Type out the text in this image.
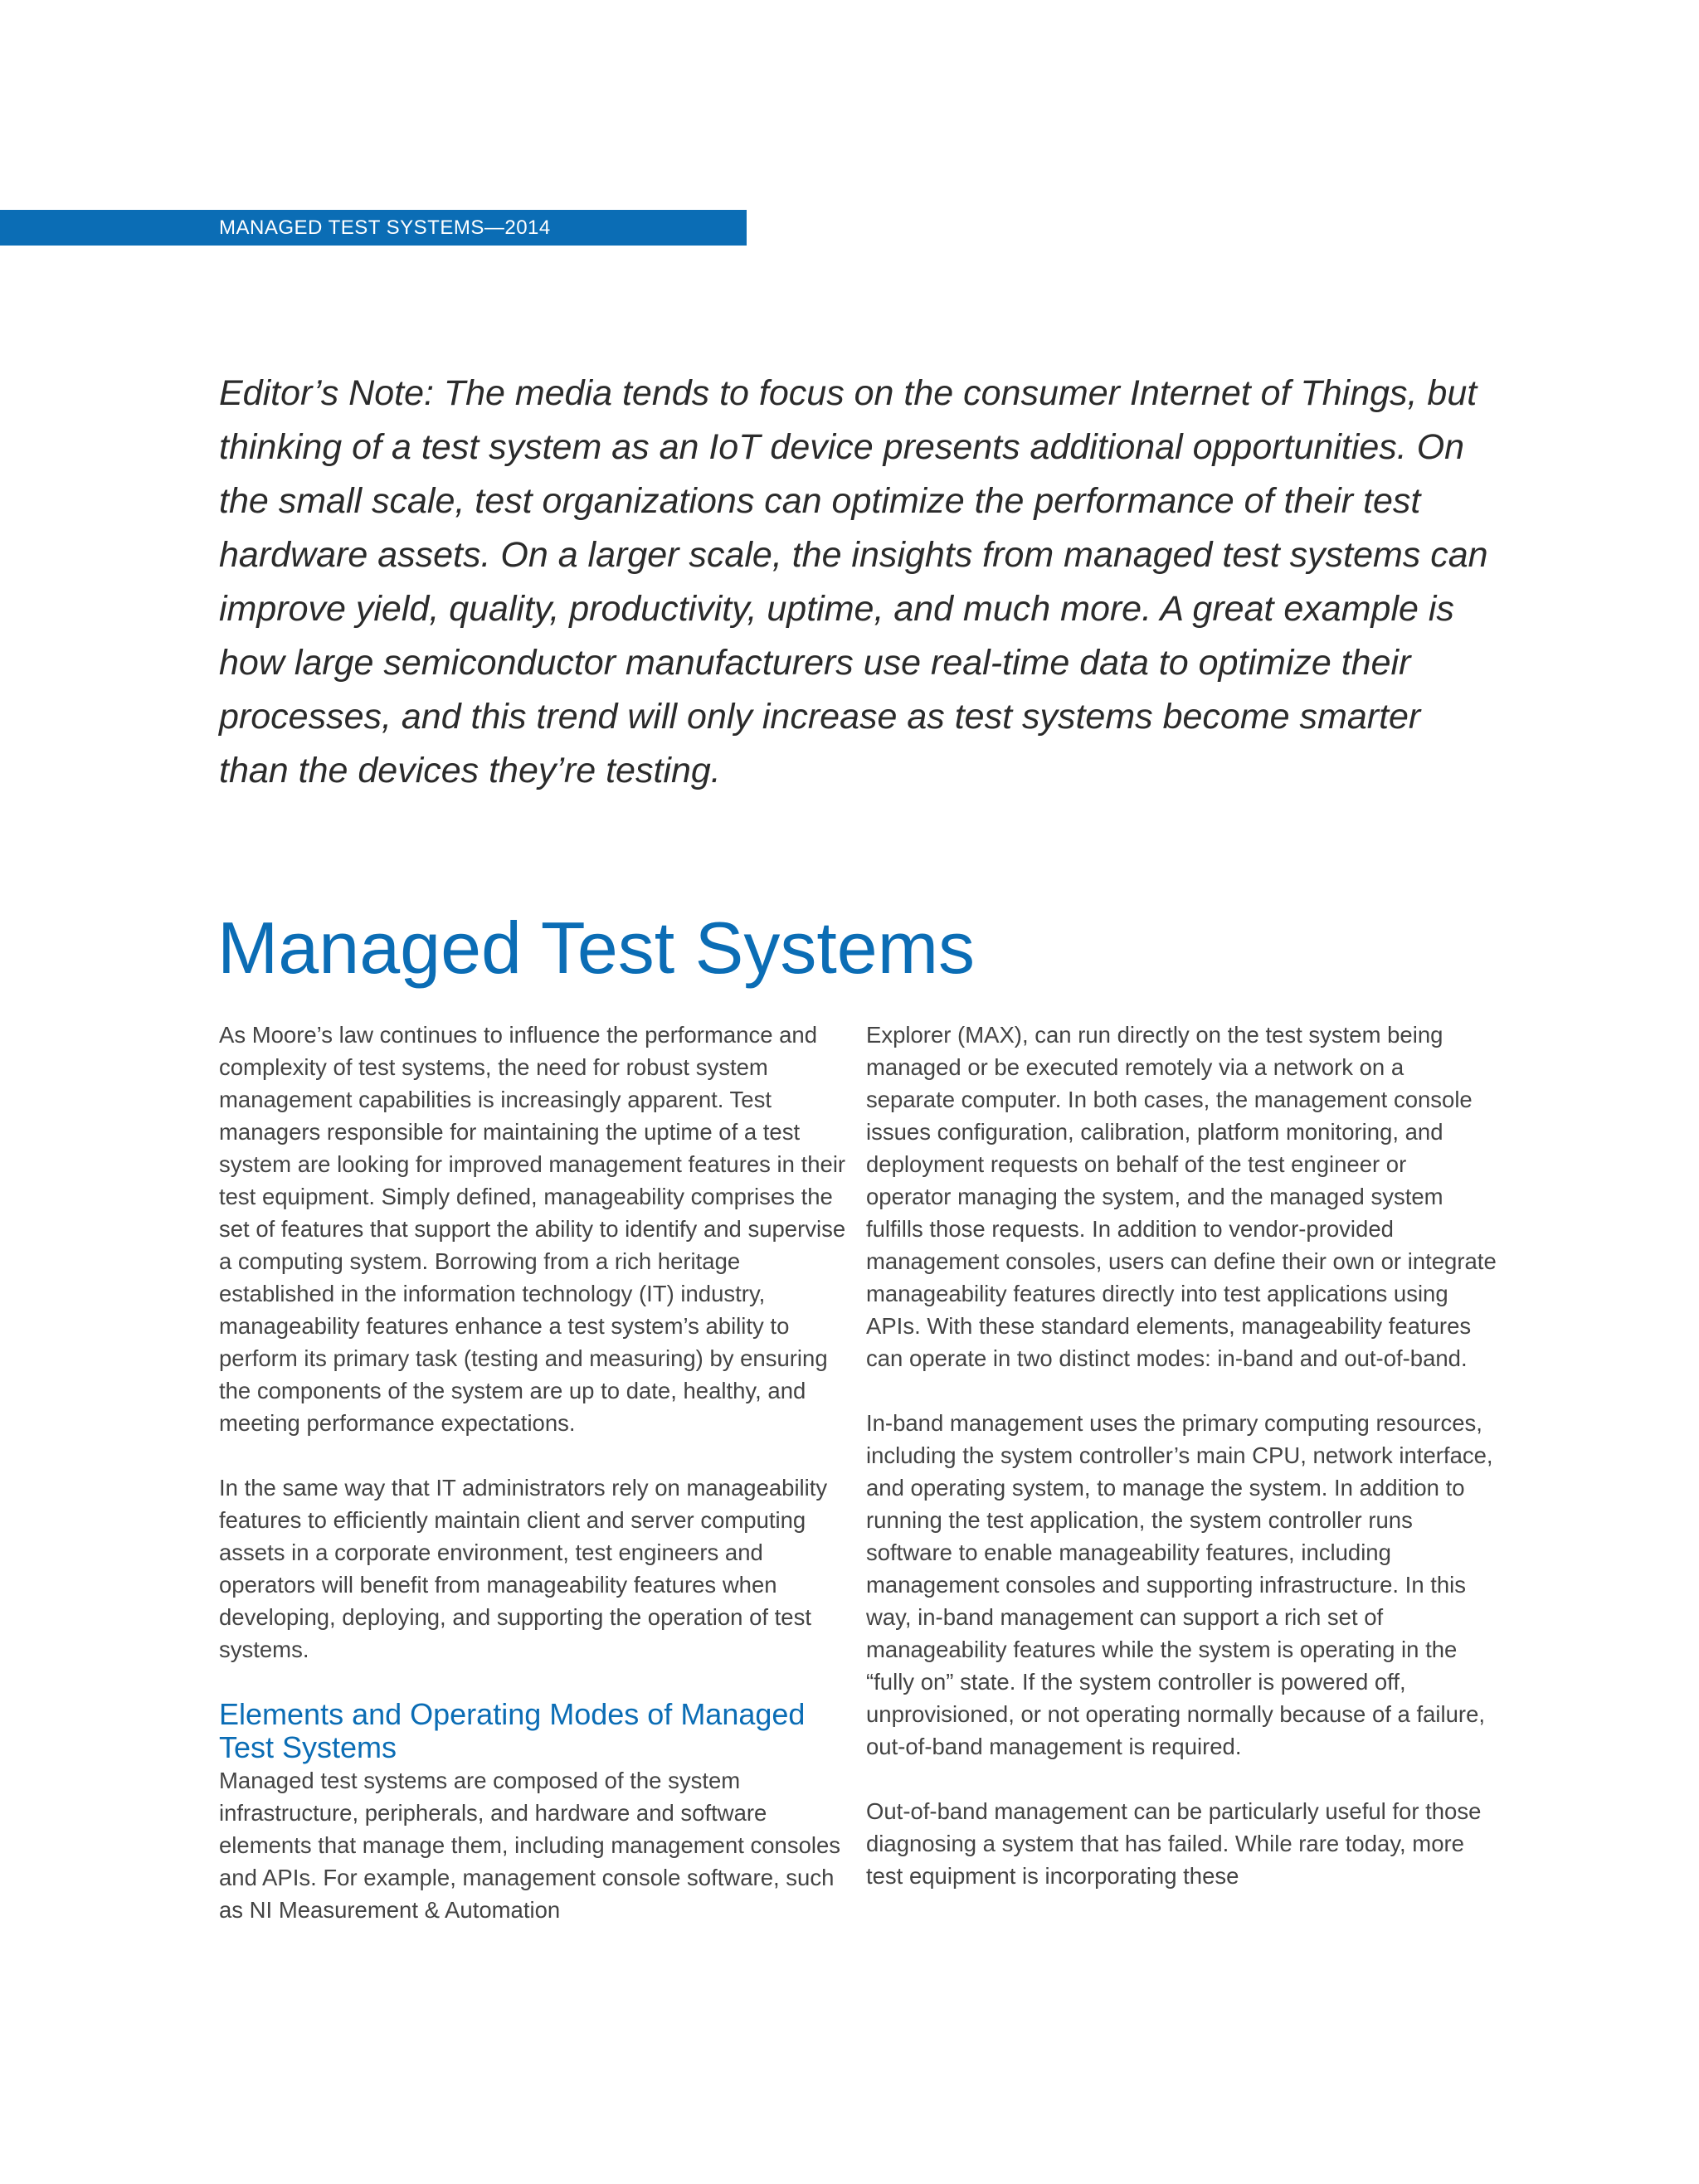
MANAGED TEST SYSTEMS—2014

Editor’s Note: The media tends to focus on the consumer Internet of Things, but thinking of a test system as an IoT device presents additional opportunities. On the small scale, test organizations can optimize the performance of their test hardware assets. On a larger scale, the insights from managed test systems can improve yield, quality, productivity, uptime, and much more. A great example is how large semiconductor manufacturers use real-time data to optimize their processes, and this trend will only increase as test systems become smarter than the devices they’re testing.

Managed Test Systems

As Moore’s law continues to influence the performance and complexity of test systems, the need for robust system management capabilities is increasingly apparent. Test managers responsible for maintaining the uptime of a test system are looking for improved management features in their test equipment. Simply defined, manageability comprises the set of features that support the ability to identify and supervise a computing system. Borrowing from a rich heritage established in the information technology (IT) industry, manageability features enhance a test system’s ability to perform its primary task (testing and measuring) by ensuring the components of the system are up to date, healthy, and meeting performance expectations.

In the same way that IT administrators rely on manageability features to efficiently maintain client and server computing assets in a corporate environment, test engineers and operators will benefit from manageability features when developing, deploying, and supporting the operation of test systems.

Elements and Operating Modes of Managed Test Systems

Managed test systems are composed of the system infrastructure, peripherals, and hardware and software elements that manage them, including management consoles and APIs. For example, management console software, such as NI Measurement & Automation

Explorer (MAX), can run directly on the test system being managed or be executed remotely via a network on a separate computer. In both cases, the management console issues configuration, calibration, platform monitoring, and deployment requests on behalf of the test engineer or operator managing the system, and the managed system fulfills those requests. In addition to vendor-provided management consoles, users can define their own or integrate manageability features directly into test applications using APIs. With these standard elements, manageability features can operate in two distinct modes: in-band and out-of-band.

In-band management uses the primary computing resources, including the system controller’s main CPU, network interface, and operating system, to manage the system. In addition to running the test application, the system controller runs software to enable manageability features, including management consoles and supporting infrastructure. In this way, in-band management can support a rich set of manageability features while the system is operating in the “fully on” state. If the system controller is powered off, unprovisioned, or not operating normally because of a failure, out-of-band management is required.

Out-of-band management can be particularly useful for those diagnosing a system that has failed. While rare today, more test equipment is incorporating these
